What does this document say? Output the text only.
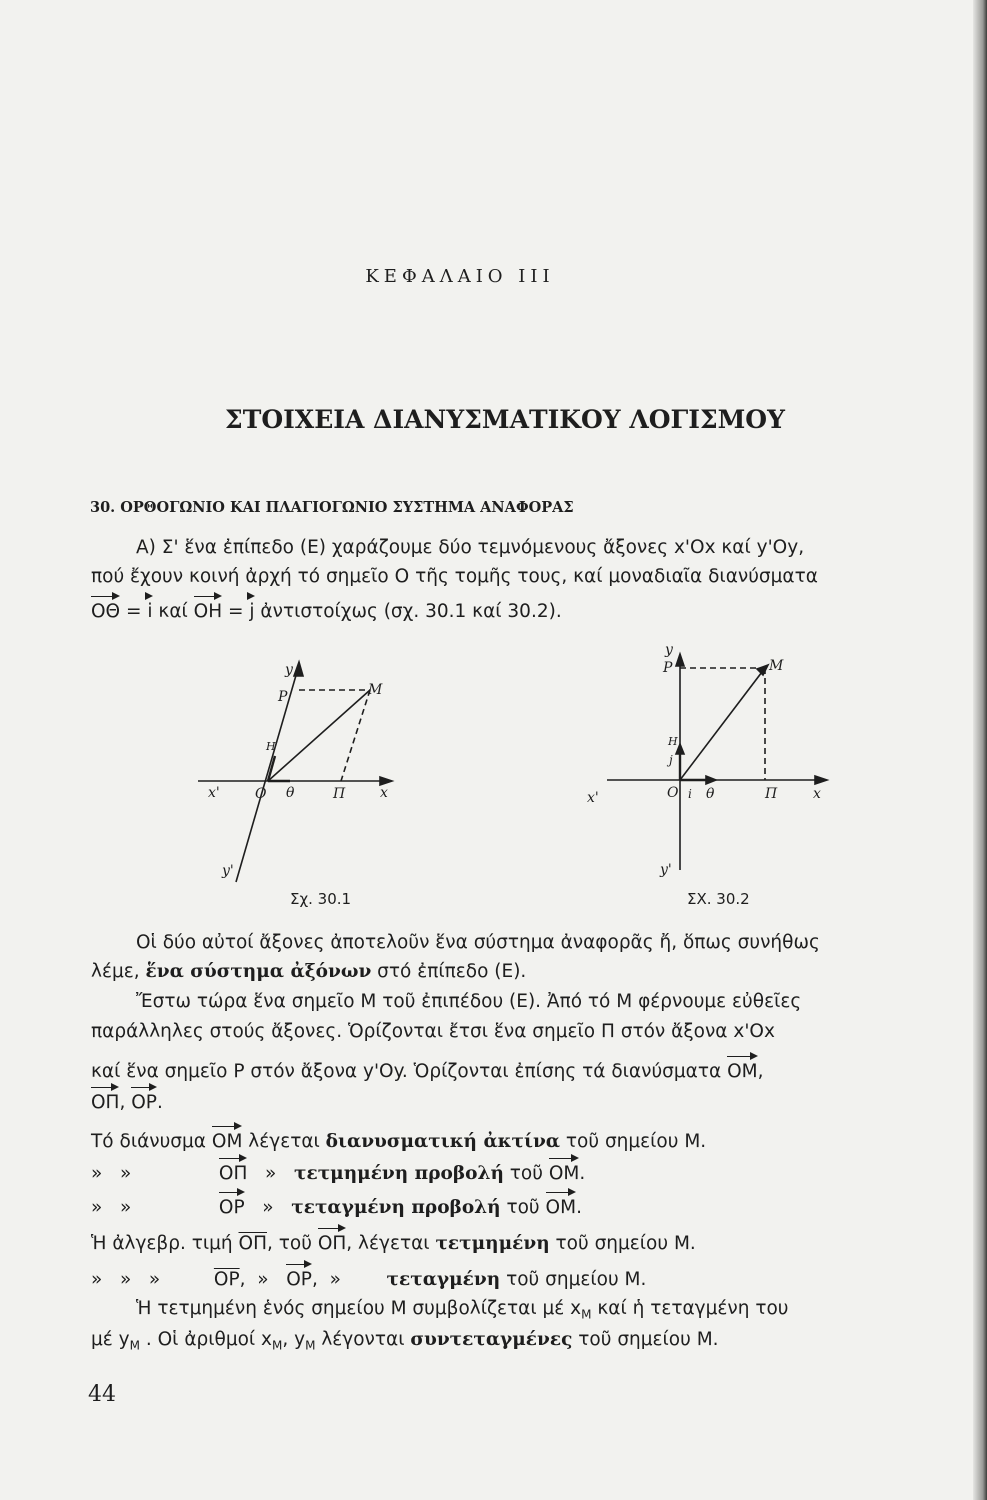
ΚΕΦΑΛΑΙΟ ΙΙΙ
ΣΤΟΙΧΕΙΑ ΔΙΑΝΥΣΜΑΤΙΚΟΥ ΛΟΓΙΣΜΟΥ
30. ΟΡΘΟΓΩΝΙΟ ΚΑΙ ΠΛΑΓΙΟΓΩΝΙΟ ΣΥΣΤΗΜΑ ΑΝΑΦΟΡΑΣ
Α) Σ' ἕνα ἐπίπεδο (Ε) χαράζουμε δύο τεμνόμενους ἄξονες x'Ox καί y'Oy,
πού ἔχουν κοινή ἀρχή τό σημεῖο Ο τῆς τομῆς τους, καί μοναδιαῖα διανύσματα
ΟΘ = i καί ΟΗ = j ἀντιστοίχως (σχ. 30.1 καί 30.2).
y
P	M
H
x'	O θ	Π x
y'
Σχ. 30.1
y
P	M
H
j
x'	O i θ	Π	x
y'
ΣΧ. 30.2
Οἱ δύο αὐτοί ἄξονες ἀποτελοῦν ἕνα σύστημα ἀναφορᾶς ἤ, ὅπως συνήθως
λέμε, ἕνα σύστημα ἀξόνων στό ἐπίπεδο (Ε).
Ἔστω τώρα ἕνα σημεῖο Μ τοῦ ἐπιπέδου (Ε). Ἀπό τό Μ φέρνουμε εὐθεῖες
παράλληλες στούς ἄξονες. Ὁρίζονται ἔτσι ἕνα σημεῖο Π στόν ἄξονα x'Ox
καί ἕνα σημεῖο Ρ στόν ἄξονα y'Oy. Ὁρίζονται ἐπίσης τά διανύσματα ΟΜ,
ΟΠ, ΟΡ.
Τό διάνυσμα ΟΜ λέγεται διανυσματική ἀκτίνα τοῦ σημείου Μ.
»   »	ΟΠ   »   τετμημένη προβολή τοῦ ΟΜ.
»   »	ΟΡ   »   τεταγμένη προβολή τοῦ ΟΜ.
Ἡ ἀλγεβρ. τιμή $\overline{O\Pi}$, τοῦ ΟΠ, λέγεται τετμημένη τοῦ σημείου Μ.
»   »   »   $\overline{OP}$,  »   ΟΡ,  »   τεταγμένη τοῦ σημείου Μ.
Ἡ τετμημένη ἑνός σημείου Μ συμβολίζεται μέ $x_M$ καί ἡ τεταγμένη του
μέ $y_M$ . Οἱ ἀριθμοί $x_M$, $y_M$ λέγονται συντεταγμένες τοῦ σημείου Μ.
44
